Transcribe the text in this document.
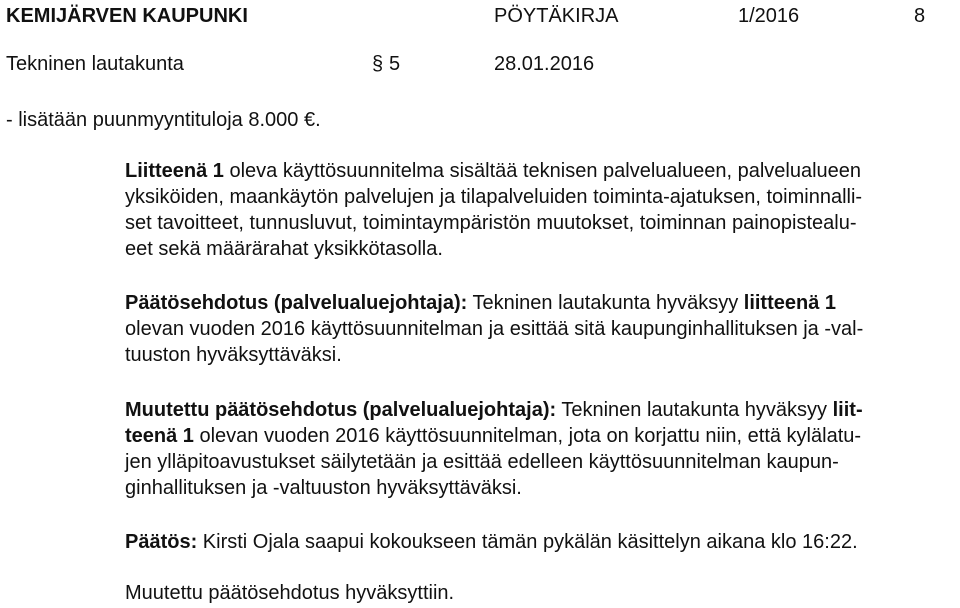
KEMIJÄRVEN KAUPUNKI	PÖYTÄKIRJA	1/2016	8
Tekninen lautakunta	§ 5	28.01.2016
- lisätään puunmyyntituloja 8.000 €.
Liitteenä 1 oleva käyttösuunnitelma sisältää teknisen palvelualueen, palvelualueen
yksiköiden, maankäytön palvelujen ja tilapalveluiden toiminta-ajatuksen, toiminnalli-
set tavoitteet, tunnusluvut, toimintaympäristön muutokset, toiminnan painopistealu-
eet sekä määrärahat yksikkötasolla.
Päätösehdotus (palvelualuejohtaja): Tekninen lautakunta hyväksyy liitteenä 1
olevan vuoden 2016 käyttösuunnitelman ja esittää sitä kaupunginhallituksen ja -val-
tuuston hyväksyttäväksi.
Muutettu päätösehdotus (palvelualuejohtaja): Tekninen lautakunta hyväksyy liit-
teenä 1 olevan vuoden 2016 käyttösuunnitelman, jota on korjattu niin, että kylälatu-
jen ylläpitoavustukset säilytetään ja esittää edelleen käyttösuunnitelman kaupun-
ginhallituksen ja -valtuuston hyväksyttäväksi.
Päätös: Kirsti Ojala saapui kokoukseen tämän pykälän käsittelyn aikana klo 16:22.
Muutettu päätösehdotus hyväksyttiin.
